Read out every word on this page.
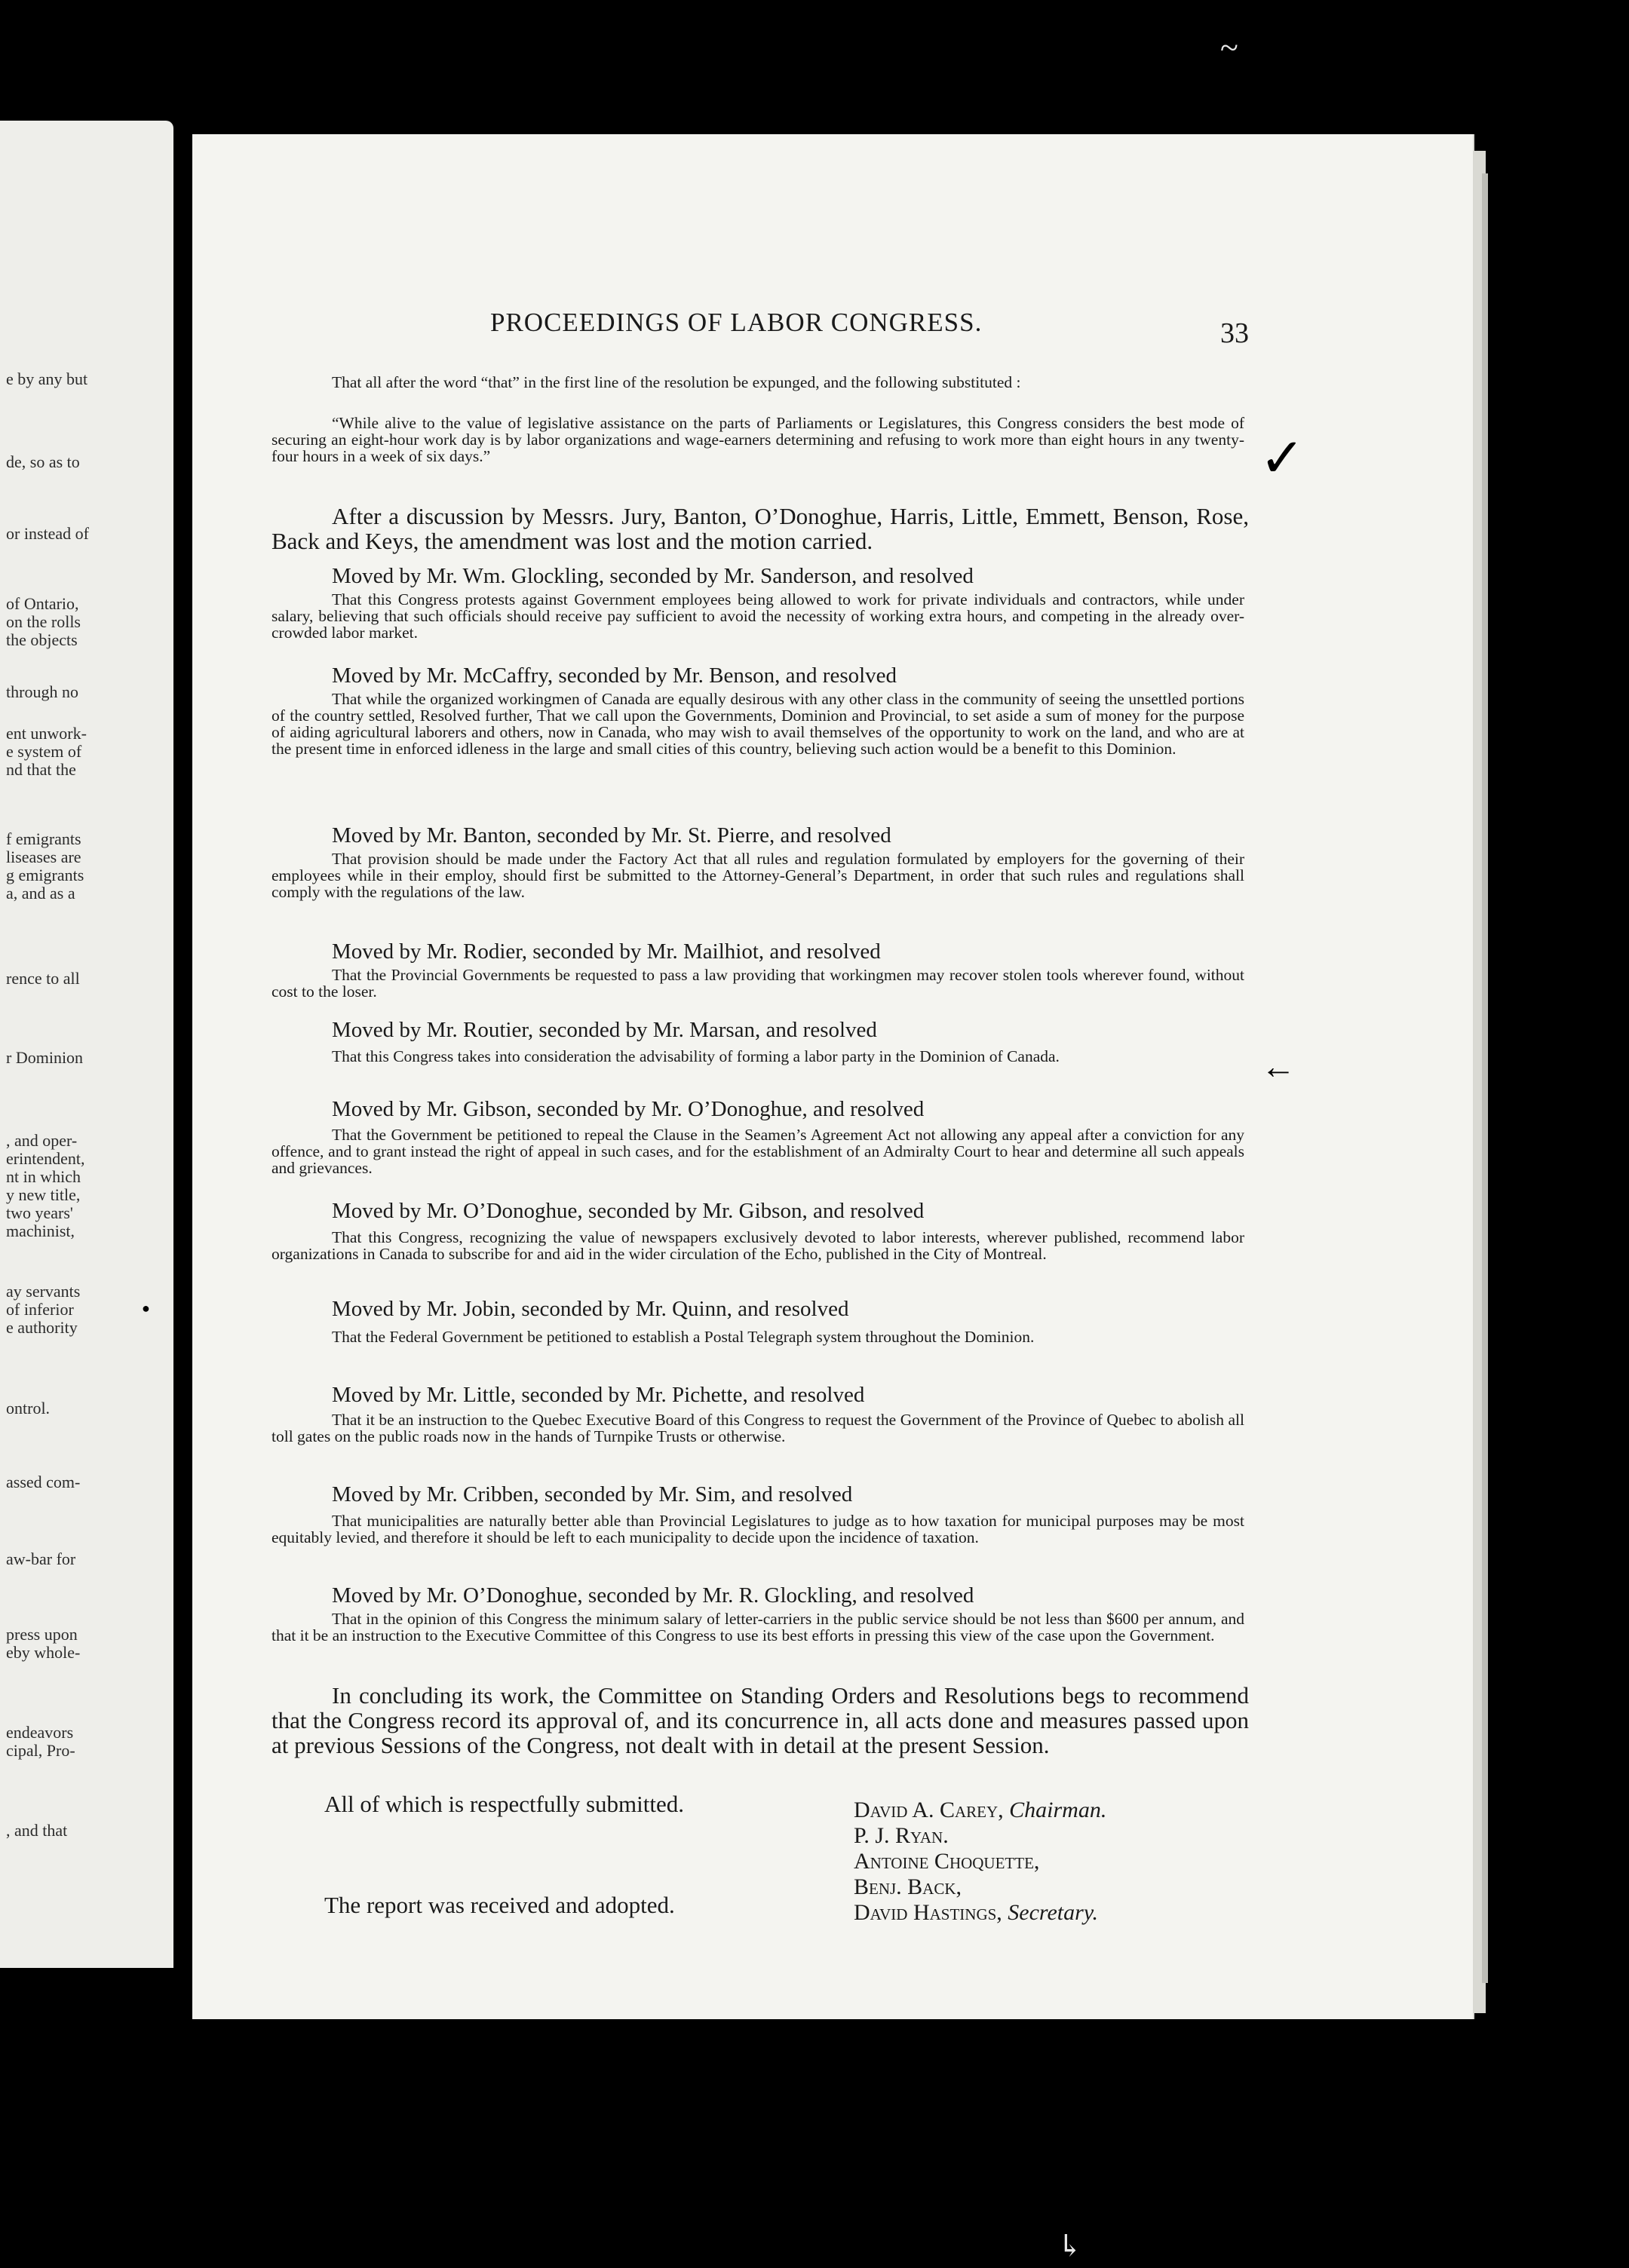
e by any but
de, so as to
or instead of
of Ontario,
on the rolls
the objects
through no
ent unwork-
e system of
nd that the
f emigrants
liseases are
g emigrants
a, and as a
rence to all
r Dominion
, and oper-
erintendent,
nt in which
y new title,
two years'
machinist,
ay servants
of inferior
e authority
ontrol.
assed com-
aw-bar for
press upon
eby whole-
endeavors
cipal, Pro-
, and that
~
↳
PROCEEDINGS OF LABOR CONGRESS.	33
That all after the word “that” in the first line of the resolution be expunged, and the following substituted :
“While alive to the value of legislative assistance on the parts of Parliaments or Legislatures, this Congress considers the best mode of securing an eight-hour work day is by labor organizations and wage-earners determining and refusing to work more than eight hours in any twenty-four hours in a week of six days.”
After a discussion by Messrs. Jury, Banton, O’Donoghue, Harris, Little, Emmett, Benson, Rose, Back and Keys, the amendment was lost and the motion carried.
Moved by Mr. Wm. Glockling, seconded by Mr. Sanderson, and resolved
That this Congress protests against Government employees being allowed to work for private individuals and contractors, while under salary, believing that such officials should receive pay sufficient to avoid the necessity of working extra hours, and competing in the already over-crowded labor market.
Moved by Mr. McCaffry, seconded by Mr. Benson, and resolved
That while the organized workingmen of Canada are equally desirous with any other class in the community of seeing the unsettled portions of the country settled, Resolved further, That we call upon the Governments, Dominion and Provincial, to set aside a sum of money for the purpose of aiding agricultural laborers and others, now in Canada, who may wish to avail themselves of the opportunity to work on the land, and who are at the present time in enforced idleness in the large and small cities of this country, believing such action would be a benefit to this Dominion.
Moved by Mr. Banton, seconded by Mr. St. Pierre, and resolved
That provision should be made under the Factory Act that all rules and regulation formulated by employers for the governing of their employees while in their employ, should first be submitted to the Attorney-General’s Department, in order that such rules and regulations shall comply with the regulations of the law.
Moved by Mr. Rodier, seconded by Mr. Mailhiot, and resolved
That the Provincial Governments be requested to pass a law providing that workingmen may recover stolen tools wherever found, without cost to the loser.
Moved by Mr. Routier, seconded by Mr. Marsan, and resolved
That this Congress takes into consideration the advisability of forming a labor party in the Dominion of Canada.
Moved by Mr. Gibson, seconded by Mr. O’Donoghue, and resolved
That the Government be petitioned to repeal the Clause in the Seamen’s Agreement Act not allowing any appeal after a conviction for any offence, and to grant instead the right of appeal in such cases, and for the establishment of an Admiralty Court to hear and determine all such appeals and grievances.
Moved by Mr. O’Donoghue, seconded by Mr. Gibson, and resolved
That this Congress, recognizing the value of newspapers exclusively devoted to labor interests, wherever published, recommend labor organizations in Canada to subscribe for and aid in the wider circulation of the Echo, published in the City of Montreal.
Moved by Mr. Jobin, seconded by Mr. Quinn, and resolved
That the Federal Government be petitioned to establish a Postal Telegraph system throughout the Dominion.
Moved by Mr. Little, seconded by Mr. Pichette, and resolved
That it be an instruction to the Quebec Executive Board of this Congress to request the Government of the Province of Quebec to abolish all toll gates on the public roads now in the hands of Turnpike Trusts or otherwise.
Moved by Mr. Cribben, seconded by Mr. Sim, and resolved
That municipalities are naturally better able than Provincial Legislatures to judge as to how taxation for municipal purposes may be most equitably levied, and therefore it should be left to each municipality to decide upon the incidence of taxation.
Moved by Mr. O’Donoghue, seconded by Mr. R. Glockling, and resolved
That in the opinion of this Congress the minimum salary of letter-carriers in the public service should be not less than $600 per annum, and that it be an instruction to the Executive Committee of this Congress to use its best efforts in pressing this view of the case upon the Government.
In concluding its work, the Committee on Standing Orders and Resolutions begs to recommend that the Congress record its approval of, and its concurrence in, all acts done and measures passed upon at previous Sessions of the Congress, not dealt with in detail at the present Session.
All of which is respectfully submitted.
The report was received and adopted.
David A. Carey, Chairman.
P. J. Ryan.
Antoine Choquette,
Benj. Back,
David Hastings, Secretary.
✓
←
●
